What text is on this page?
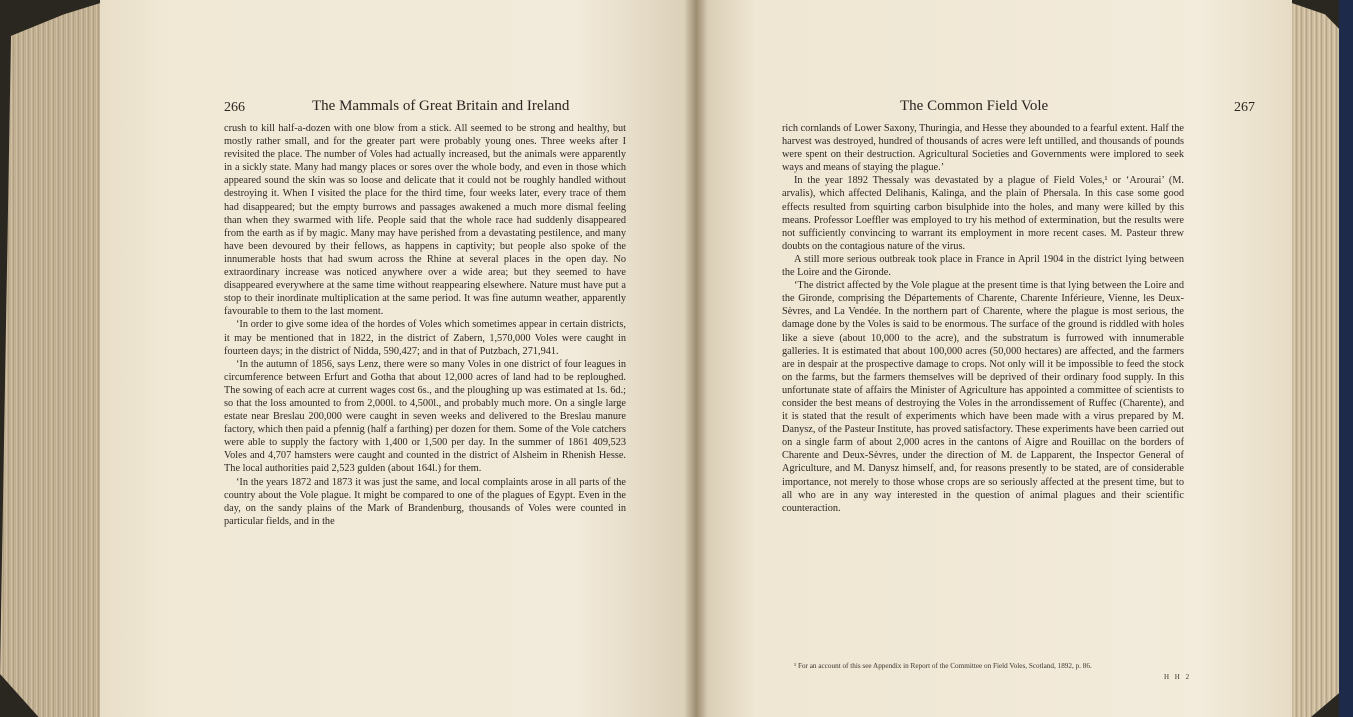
266	The Mammals of Great Britain and Ireland

crush to kill half-a-dozen with one blow from a stick. All seemed to be strong and healthy, but mostly rather small, and for the greater part were probably young ones. Three weeks after I revisited the place. The number of Voles had actually increased, but the animals were apparently in a sickly state. Many had mangy places or sores over the whole body, and even in those which appeared sound the skin was so loose and delicate that it could not be roughly handled without destroying it. When I visited the place for the third time, four weeks later, every trace of them had disappeared; but the empty burrows and passages awakened a much more dismal feeling than when they swarmed with life. People said that the whole race had suddenly disappeared from the earth as if by magic. Many may have perished from a devastating pestilence, and many have been devoured by their fellows, as happens in captivity; but people also spoke of the innumerable hosts that had swum across the Rhine at several places in the open day. No extraordinary increase was noticed anywhere over a wide area; but they seemed to have disappeared everywhere at the same time without reappearing elsewhere. Nature must have put a stop to their inordinate multiplication at the same period. It was fine autumn weather, apparently favourable to them to the last moment.

‘In order to give some idea of the hordes of Voles which sometimes appear in certain districts, it may be mentioned that in 1822, in the district of Zabern, 1,570,000 Voles were caught in fourteen days; in the district of Nidda, 590,427; and in that of Putzbach, 271,941.

‘In the autumn of 1856, says Lenz, there were so many Voles in one district of four leagues in circumference between Erfurt and Gotha that about 12,000 acres of land had to be reploughed. The sowing of each acre at current wages cost 6s., and the ploughing up was estimated at 1s. 6d.; so that the loss amounted to from 2,000l. to 4,500l., and probably much more. On a single large estate near Breslau 200,000 were caught in seven weeks and delivered to the Breslau manure factory, which then paid a pfennig (half a farthing) per dozen for them. Some of the Vole catchers were able to supply the factory with 1,400 or 1,500 per day. In the summer of 1861 409,523 Voles and 4,707 hamsters were caught and counted in the district of Alsheim in Rhenish Hesse. The local authorities paid 2,523 gulden (about 164l.) for them.

‘In the years 1872 and 1873 it was just the same, and local complaints arose in all parts of the country about the Vole plague. It might be compared to one of the plagues of Egypt. Even in the day, on the sandy plains of the Mark of Brandenburg, thousands of Voles were counted in particular fields, and in the

The Common Field Vole	267

rich cornlands of Lower Saxony, Thuringia, and Hesse they abounded to a fearful extent. Half the harvest was destroyed, hundred of thousands of acres were left untilled, and thousands of pounds were spent on their destruction. Agricultural Societies and Governments were implored to seek ways and means of staying the plague.’

In the year 1892 Thessaly was devastated by a plague of Field Voles,¹ or ‘Arourai’ (M. arvalis), which affected Delihanis, Kalinga, and the plain of Phersala. In this case some good effects resulted from squirting carbon bisulphide into the holes, and many were killed by this means. Professor Loeffler was employed to try his method of extermination, but the results were not sufficiently convincing to warrant its employment in more recent cases. M. Pasteur threw doubts on the contagious nature of the virus.

A still more serious outbreak took place in France in April 1904 in the district lying between the Loire and the Gironde.

‘The district affected by the Vole plague at the present time is that lying between the Loire and the Gironde, comprising the Départements of Charente, Charente Inférieure, Vienne, les Deux-Sèvres, and La Vendée. In the northern part of Charente, where the plague is most serious, the damage done by the Voles is said to be enormous. The surface of the ground is riddled with holes like a sieve (about 10,000 to the acre), and the substratum is furrowed with innumerable galleries. It is estimated that about 100,000 acres (50,000 hectares) are affected, and the farmers are in despair at the prospective damage to crops. Not only will it be impossible to feed the stock on the farms, but the farmers themselves will be deprived of their ordinary food supply. In this unfortunate state of affairs the Minister of Agriculture has appointed a committee of scientists to consider the best means of destroying the Voles in the arrondissement of Ruffec (Charente), and it is stated that the result of experiments which have been made with a virus prepared by M. Danysz, of the Pasteur Institute, has proved satisfactory. These experiments have been carried out on a single farm of about 2,000 acres in the cantons of Aigre and Rouillac on the borders of Charente and Deux-Sèvres, under the direction of M. de Lapparent, the Inspector General of Agriculture, and M. Danysz himself, and, for reasons presently to be stated, are of considerable importance, not merely to those whose crops are so seriously affected at the present time, but to all who are in any way interested in the question of animal plagues and their scientific counteraction.

¹ For an account of this see Appendix in Report of the Committee on Field Voles, Scotland, 1892, p. 86.
H H 2
